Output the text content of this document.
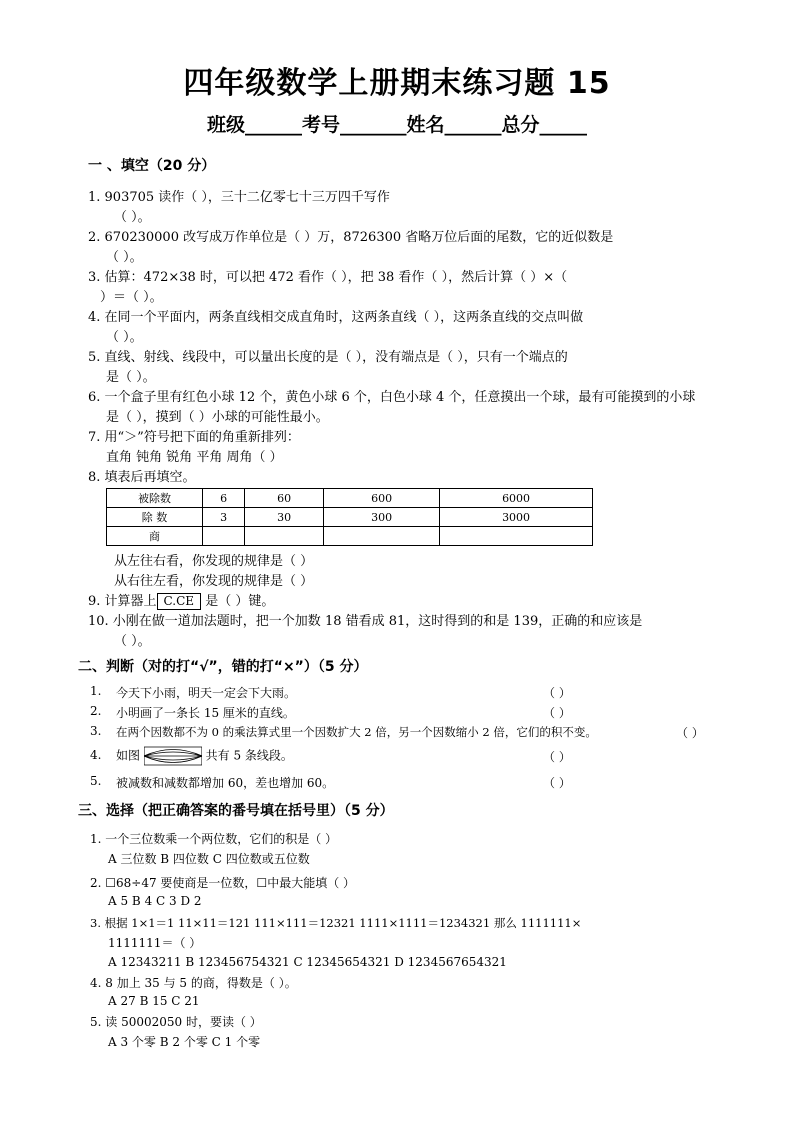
四年级数学上册期末练习题 15
班级______考号_______姓名______总分_____
一 、填空（20 分）
1. 903705 读作（ ），三十二亿零七十三万四千写作
（ ）。
2. 670230000 改写成万作单位是（ ）万，8726300 省略万位后面的尾数，它的近似数是
（ ）。
3. 估算：472×38 时，可以把 472 看作（ ），把 38 看作（ ），然后计算（ ）×（
）＝（ ）。
4. 在同一个平面内，两条直线相交成直角时，这两条直线（ ），这两条直线的交点叫做
（ ）。
5. 直线、射线、线段中，可以量出长度的是（ ），没有端点是（ ），只有一个端点的
是（ ）。
6. 一个盒子里有红色小球 12 个，黄色小球 6 个，白色小球 4 个，任意摸出一个球，最有可能摸到的小球
是（ ），摸到（ ）小球的可能性最小。
7. 用“＞”符号把下面的角重新排列：
直角 钝角 锐角 平角 周角（ ）
8. 填表后再填空。
被除数	6	60	600	6000
除 数	3	30	300	3000
商				
从左往右看，你发现的规律是（ ）
从右往左看，你发现的规律是（ ）
9. 计算器上 C.CE 是（ ）键。
10. 小刚在做一道加法题时，把一个加数 18 错看成 81，这时得到的和是 139，正确的和应该是
（ ）。
二、判断（对的打“√”，错的打“×”）（5 分）
1. 今天下小雨，明天一定会下大雨。	（ ）
2. 小明画了一条长 15 厘米的直线。	（ ）
3. 在两个因数都不为 0 的乘法算式里一个因数扩大 2 倍，另一个因数缩小 2 倍，它们的积不变。	（ ）
4. 如图	共有 5 条线段。	（ ）
5. 被减数和减数都增加 60，差也增加 60。	（ ）
三、选择（把正确答案的番号填在括号里）（5 分）
1. 一个三位数乘一个两位数，它们的积是（ ）
A 三位数 B 四位数 C 四位数或五位数
2. ☐68÷47 要使商是一位数，☐中最大能填（ ）
A 5 B 4 C 3 D 2
3. 根据 1×1＝1 11×11＝121 111×111＝12321 1111×1111＝1234321 那么 1111111×
1111111＝（ ）
A 12343211 B 123456754321 C 12345654321 D 1234567654321
4. 8 加上 35 与 5 的商，得数是（ ）。
A 27 B 15 C 21
5. 读 50002050 时，要读（ ）
A 3 个零 B 2 个零 C 1 个零
